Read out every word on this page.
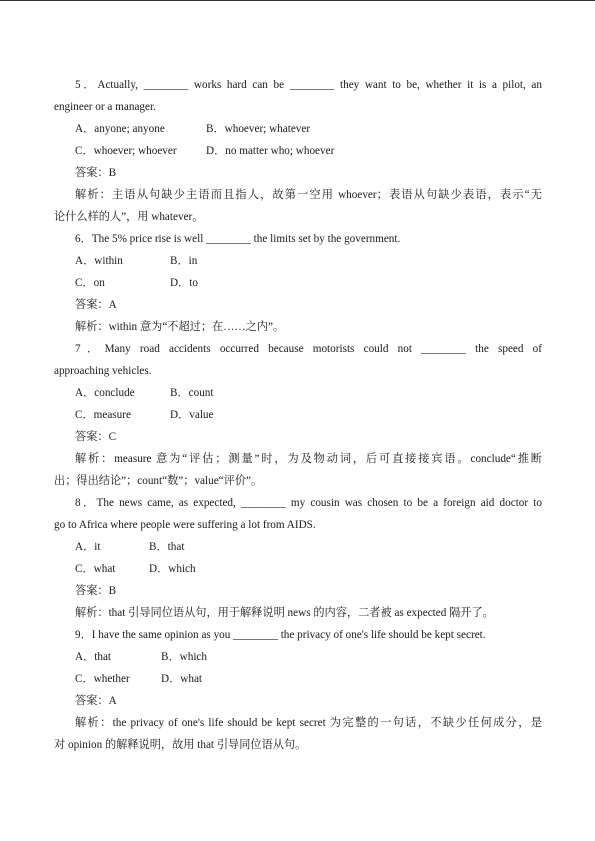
5．Actually, ________ works hard can be ________ they want to be, whether it is a pilot, an

engineer or a manager.

A．anyone; anyone	B．whoever; whatever

C．whoever; whoever	D．no matter who; whoever

答案：B

解析：主语从句缺少主语而且指人，故第一空用 whoever；表语从句缺少表语，表示“无

论什么样的人”，用 whatever。

6．The 5% price rise is well ________ the limits set by the government.

A．within	B．in

C．on	D．to

答案：A

解析：within 意为“不超过；在……之内”。

7．Many road accidents occurred because motorists could not ________ the speed of

approaching vehicles.

A．conclude	B．count

C．measure	D．value

答案：C

解析：measure 意为“评估；测量”时，为及物动词，后可直接接宾语。conclude“推断

出；得出结论”；count“数”；value“评价”。

8．The news came, as expected, ________ my cousin was chosen to be a foreign aid doctor to

go to Africa where people were suffering a lot from AIDS.

A．it	B．that

C．what	D．which

答案：B

解析：that 引导同位语从句，用于解释说明 news 的内容，二者被 as expected 隔开了。

9．I have the same opinion as you ________ the privacy of one's life should be kept secret.

A．that	B．which

C．whether	D．what

答案：A

解析：the privacy of one's life should be kept secret 为完整的一句话，不缺少任何成分，是

对 opinion 的解释说明，故用 that 引导同位语从句。
